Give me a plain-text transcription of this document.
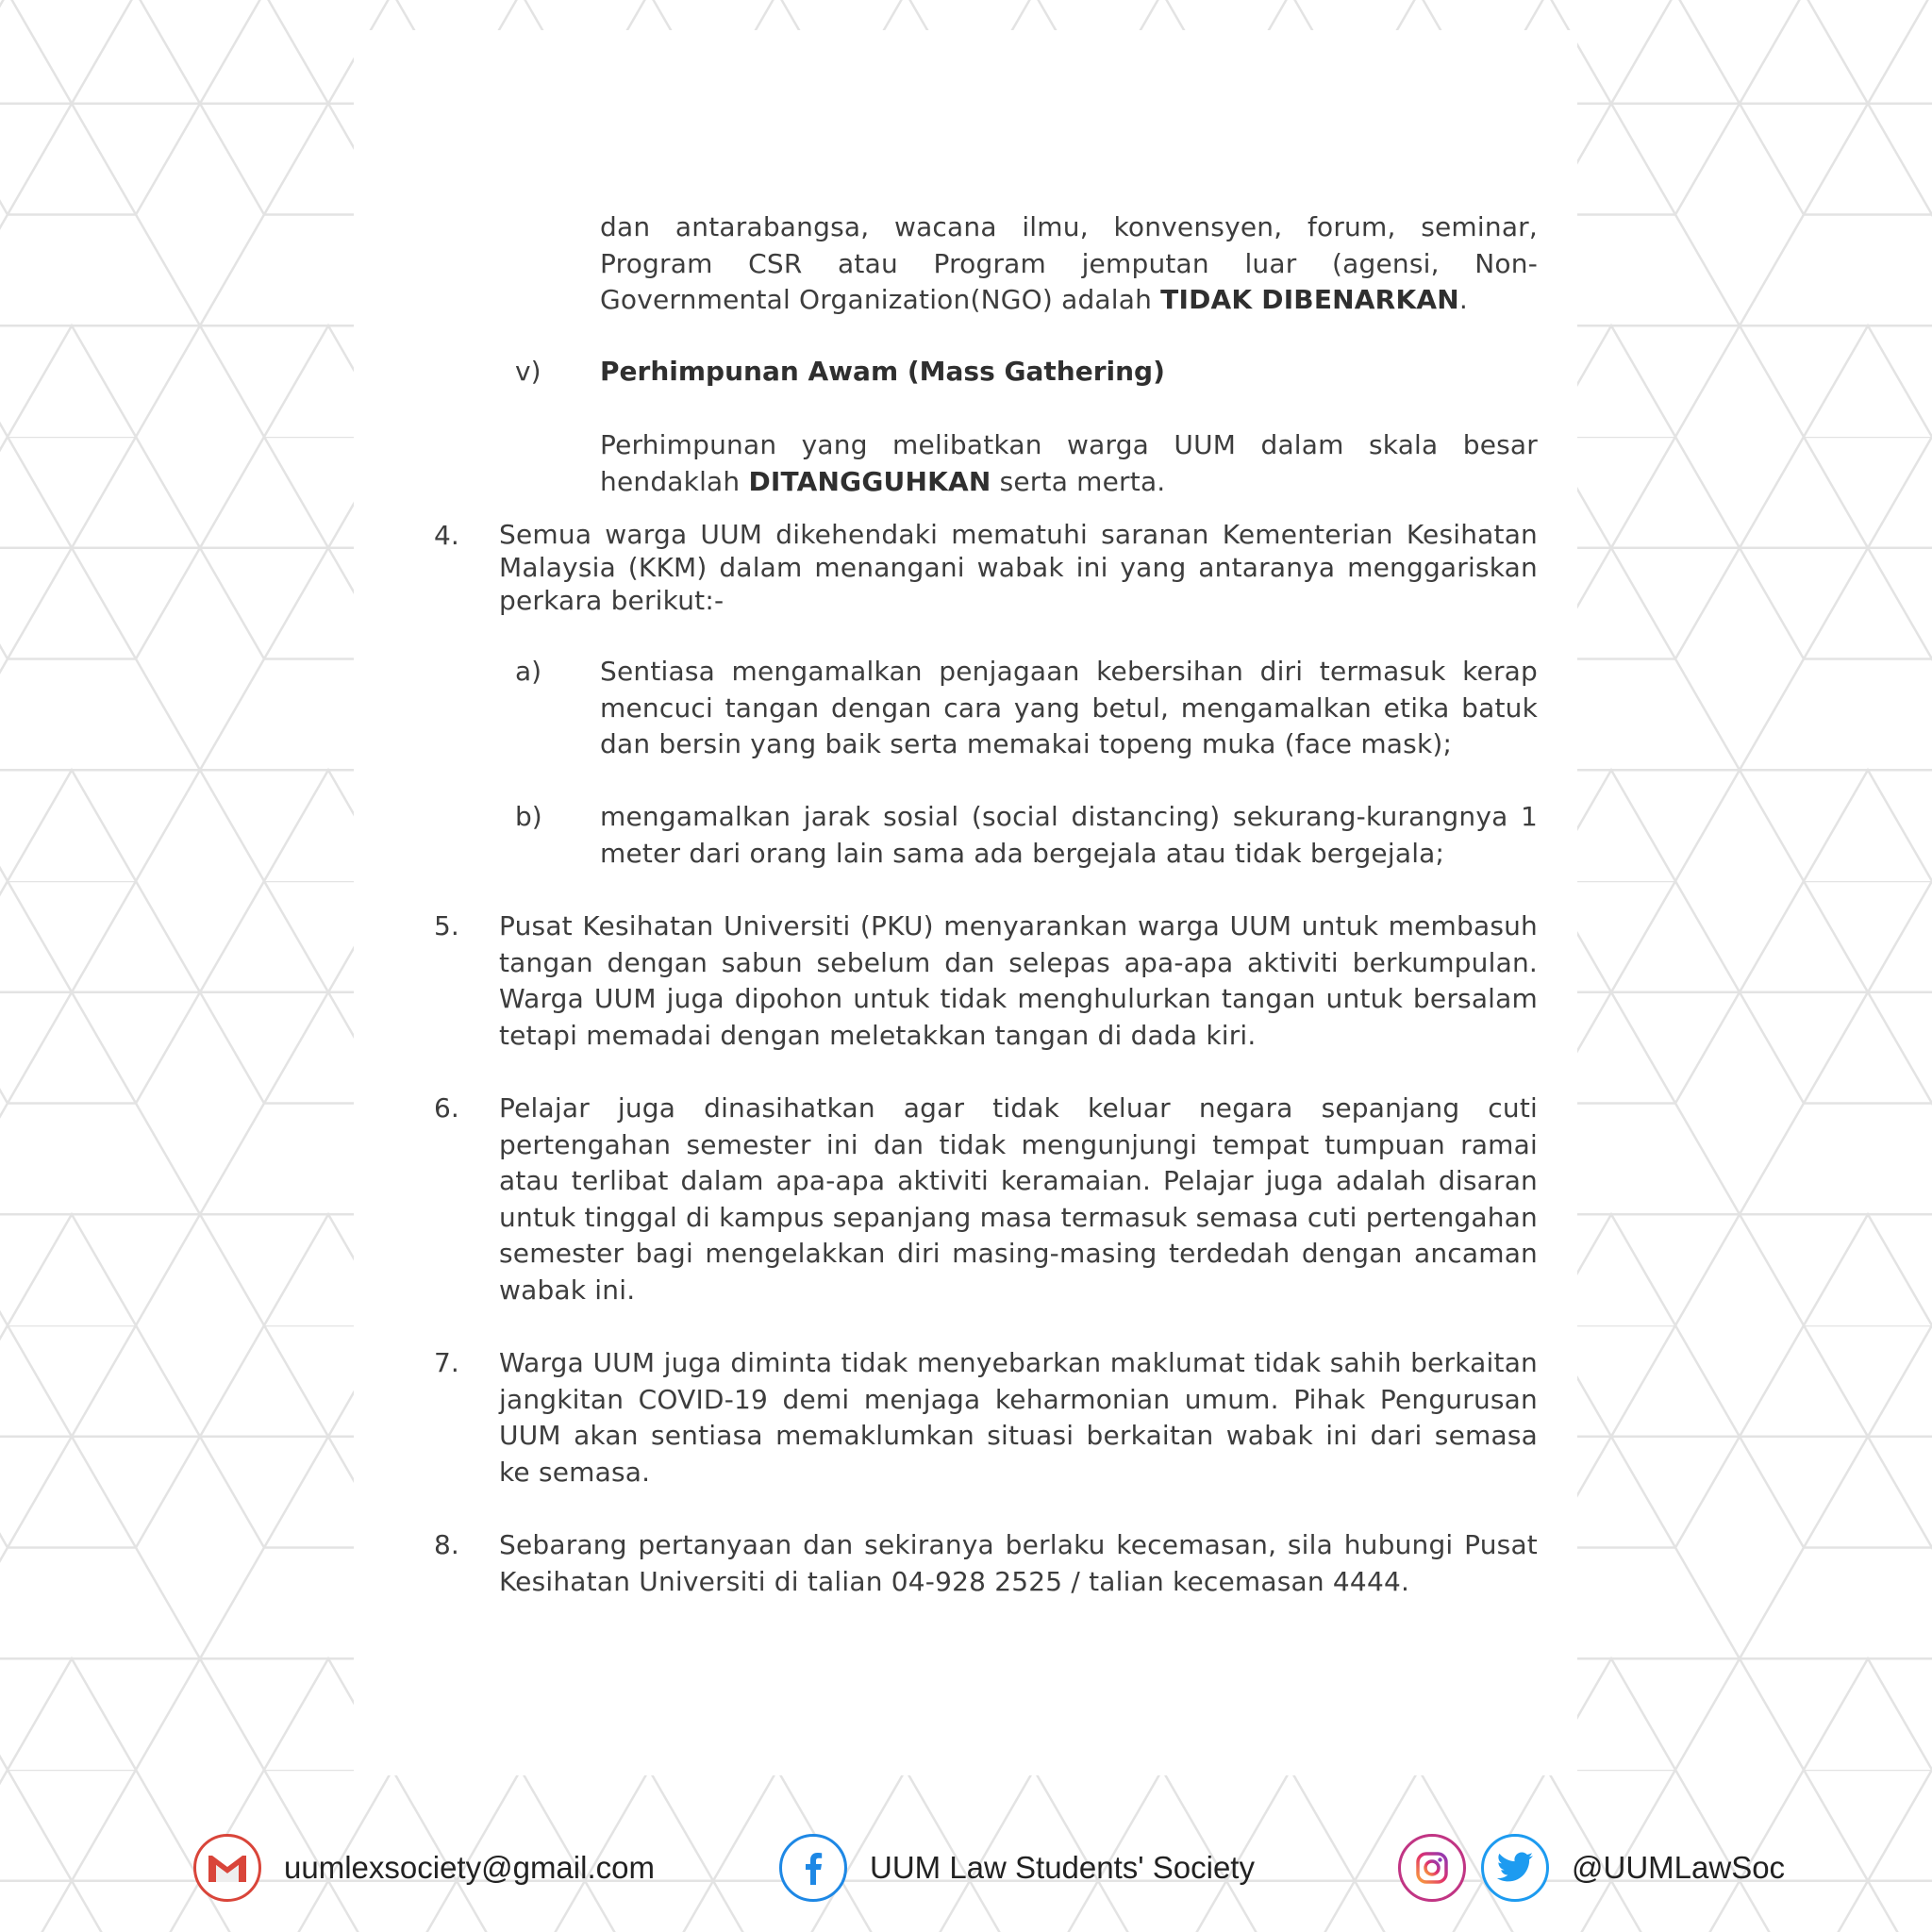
dan antarabangsa, wacana ilmu, konvensyen, forum, seminar, Program CSR atau Program jemputan luar (agensi, Non- Governmental Organization(NGO) adalah TIDAK DIBENARKAN.
v) Perhimpunan Awam (Mass Gathering)
Perhimpunan yang melibatkan warga UUM dalam skala besar hendaklah DITANGGUHKAN serta merta.
4. Semua warga UUM dikehendaki mematuhi saranan Kementerian Kesihatan Malaysia (KKM) dalam menangani wabak ini yang antaranya menggariskan perkara berikut:-
a) Sentiasa mengamalkan penjagaan kebersihan diri termasuk kerap mencuci tangan dengan cara yang betul, mengamalkan etika batuk dan bersin yang baik serta memakai topeng muka (face mask);
b) mengamalkan jarak sosial (social distancing) sekurang-kurangnya 1 meter dari orang lain sama ada bergejala atau tidak bergejala;
5. Pusat Kesihatan Universiti (PKU) menyarankan warga UUM untuk membasuh tangan dengan sabun sebelum dan selepas apa-apa aktiviti berkumpulan. Warga UUM juga dipohon untuk tidak menghulurkan tangan untuk bersalam tetapi memadai dengan meletakkan tangan di dada kiri.
6. Pelajar juga dinasihatkan agar tidak keluar negara sepanjang cuti pertengahan semester ini dan tidak mengunjungi tempat tumpuan ramai atau terlibat dalam apa-apa aktiviti keramaian. Pelajar juga adalah disaran untuk tinggal di kampus sepanjang masa termasuk semasa cuti pertengahan semester bagi mengelakkan diri masing-masing terdedah dengan ancaman wabak ini.
7. Warga UUM juga diminta tidak menyebarkan maklumat tidak sahih berkaitan jangkitan COVID-19 demi menjaga keharmonian umum. Pihak Pengurusan UUM akan sentiasa memaklumkan situasi berkaitan wabak ini dari semasa ke semasa.
8. Sebarang pertanyaan dan sekiranya berlaku kecemasan, sila hubungi Pusat Kesihatan Universiti di talian 04-928 2525 / talian kecemasan 4444.
uumlexsociety@gmail.com	UUM Law Students' Society	@UUMLawSoc
